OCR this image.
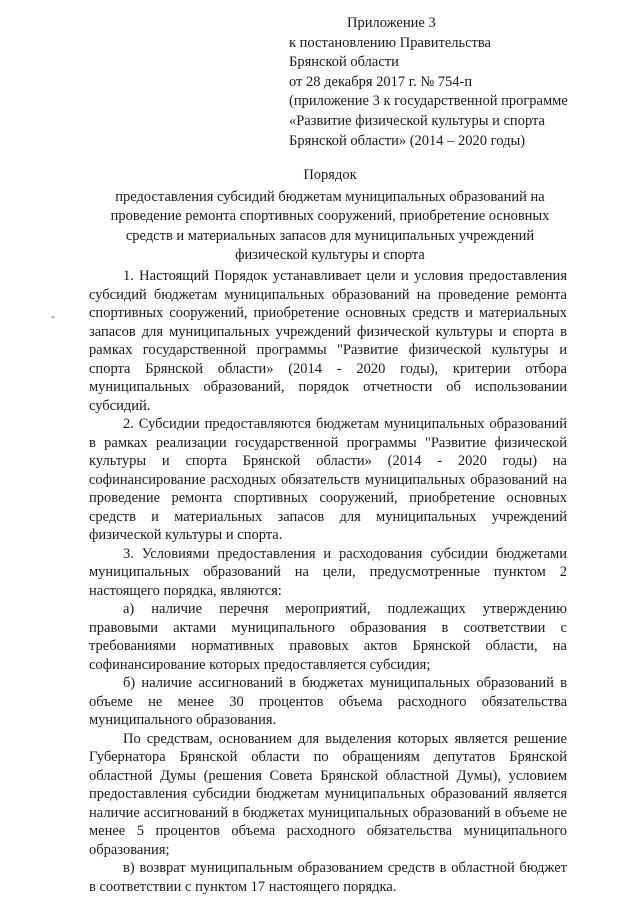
Приложение 3
к постановлению Правительства
Брянской области
от 28 декабря 2017 г. № 754-п
(приложение 3 к государственной программе
«Развитие физической культуры и спорта
Брянской области» (2014 – 2020 годы)
Порядок
предоставления субсидий бюджетам муниципальных образований на
проведение ремонта спортивных сооружений, приобретение основных
средств и материальных запасов для муниципальных учреждений
физической культуры и спорта
-

1. Настоящий Порядок устанавливает цели и условия предоставления субсидий бюджетам муниципальных образований на проведение ремонта спортивных сооружений, приобретение основных средств и материальных запасов для муниципальных учреждений физической культуры и спорта в рамках государственной программы "Развитие физической культуры и спорта Брянской области» (2014 - 2020 годы), критерии отбора муниципальных образований, порядок отчетности об использовании субсидий.

2. Субсидии предоставляются бюджетам муниципальных образований в рамках реализации государственной программы "Развитие физической культуры и спорта Брянской области» (2014 - 2020 годы) на софинансирование расходных обязательств муниципальных образований на проведение ремонта спортивных сооружений, приобретение основных средств и материальных запасов для муниципальных учреждений физической культуры и спорта.

3. Условиями предоставления и расходования субсидии бюджетами муниципальных образований на цели, предусмотренные пунктом 2 настоящего порядка, являются:

а) наличие перечня мероприятий, подлежащих утверждению правовыми актами муниципального образования в соответствии с требованиями нормативных правовых актов Брянской области, на софинансирование которых предоставляется субсидия;

б) наличие ассигнований в бюджетах муниципальных образований в объеме не менее 30 процентов объема расходного обязательства муниципального образования.

По средствам, основанием для выделения которых является решение Губернатора Брянской области по обращениям депутатов Брянской областной Думы (решения Совета Брянской областной Думы), условием предоставления субсидии бюджетам муниципальных образований является наличие ассигнований в бюджетах муниципальных образований в объеме не менее 5 процентов объема расходного обязательства муниципального образования;

в) возврат муниципальным образованием средств в областной бюджет в соответствии с пунктом 17 настоящего порядка.
